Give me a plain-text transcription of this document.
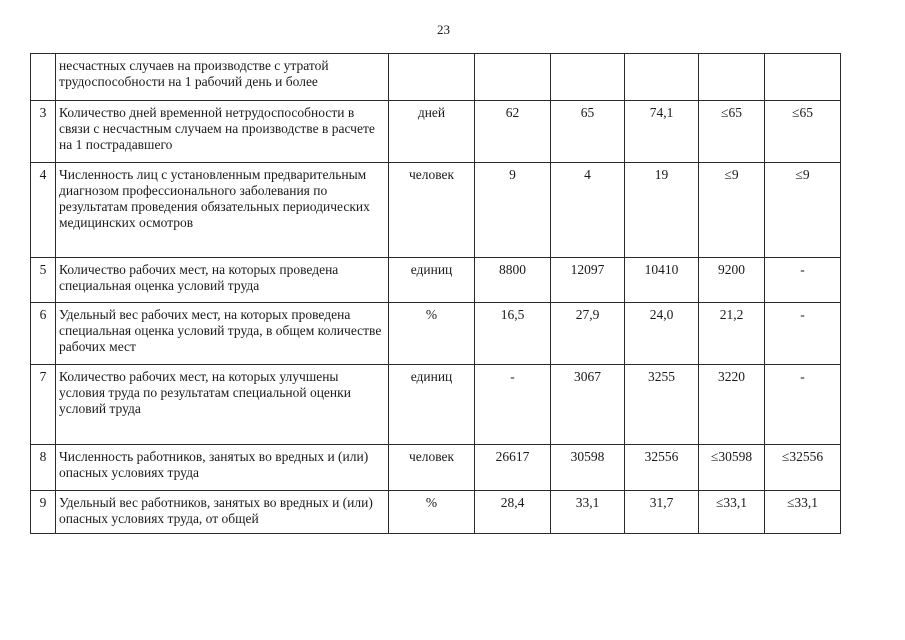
23
	несчастных случаев на производстве с утратой трудоспособности на 1 рабочий день и более						
3	Количество дней временной нетрудоспособности в связи с несчастным случаем на производстве в расчете на 1 пострадавшего	дней	62	65	74,1	≤65	≤65
4	Численность лиц с установленным предварительным диагнозом профессионального заболевания по результатам проведения обязательных периодических медицинских осмотров	человек	9	4	19	≤9	≤9
5	Количество рабочих мест, на которых проведена специальная оценка условий труда	единиц	8800	12097	10410	9200	-
6	Удельный вес рабочих мест, на которых проведена специальная оценка условий труда, в общем количестве рабочих мест	%	16,5	27,9	24,0	21,2	-
7	Количество рабочих мест, на которых улучшены условия труда по результатам специальной оценки условий труда	единиц	-	3067	3255	3220	-
8	Численность работников, занятых во вредных и (или) опасных условиях труда	человек	26617	30598	32556	≤30598	≤32556
9	Удельный вес работников, занятых во вредных и (или) опасных условиях труда, от общей	%	28,4	33,1	31,7	≤33,1	≤33,1
